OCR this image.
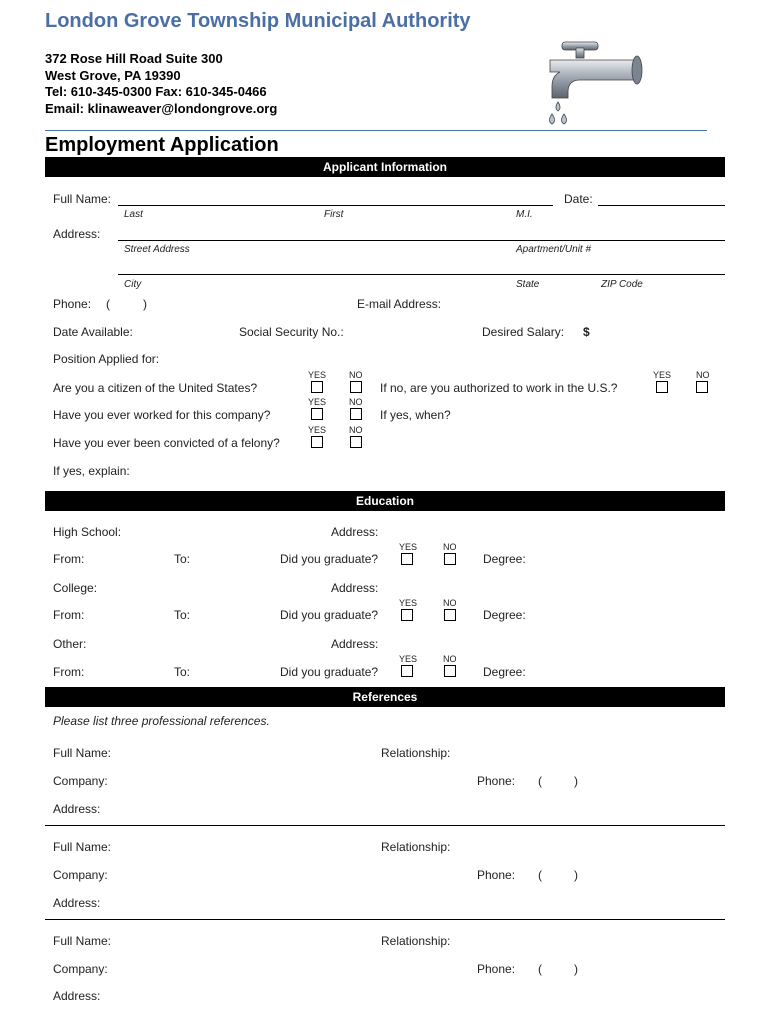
London Grove Township Municipal Authority
372 Rose Hill Road Suite 300
West Grove, PA 19390
Tel: 610-345-0300 Fax: 610-345-0466
Email: klinaweaver@londongrove.org
Employment Application
Applicant Information
Full Name:	Date:
Last	First	M.I.
Address:
Street Address	Apartment/Unit #
City	State	ZIP Code
Phone: (	)	E-mail Address:
Date Available:	Social Security No.:	Desired Salary: $
Position Applied for:
YES	NO
Are you a citizen of the United States?	If no, are you authorized to work in the U.S.?
YES	NO
YES	NO
Have you ever worked for this company?	If yes, when?
YES	NO
Have you ever been convicted of a felony?
If yes, explain:
Education
High School:	Address:
YES	NO
From:	To:	Did you graduate?	Degree:
College:	Address:
YES	NO
From:	To:	Did you graduate?	Degree:
Other:	Address:
YES	NO
From:	To:	Did you graduate?	Degree:
References
Please list three professional references.
Full Name:	Relationship:
Company:	Phone: (	)
Address:
Full Name:	Relationship:
Company:	Phone: (	)
Address:
Full Name:	Relationship:
Company:	Phone: (	)
Address:
